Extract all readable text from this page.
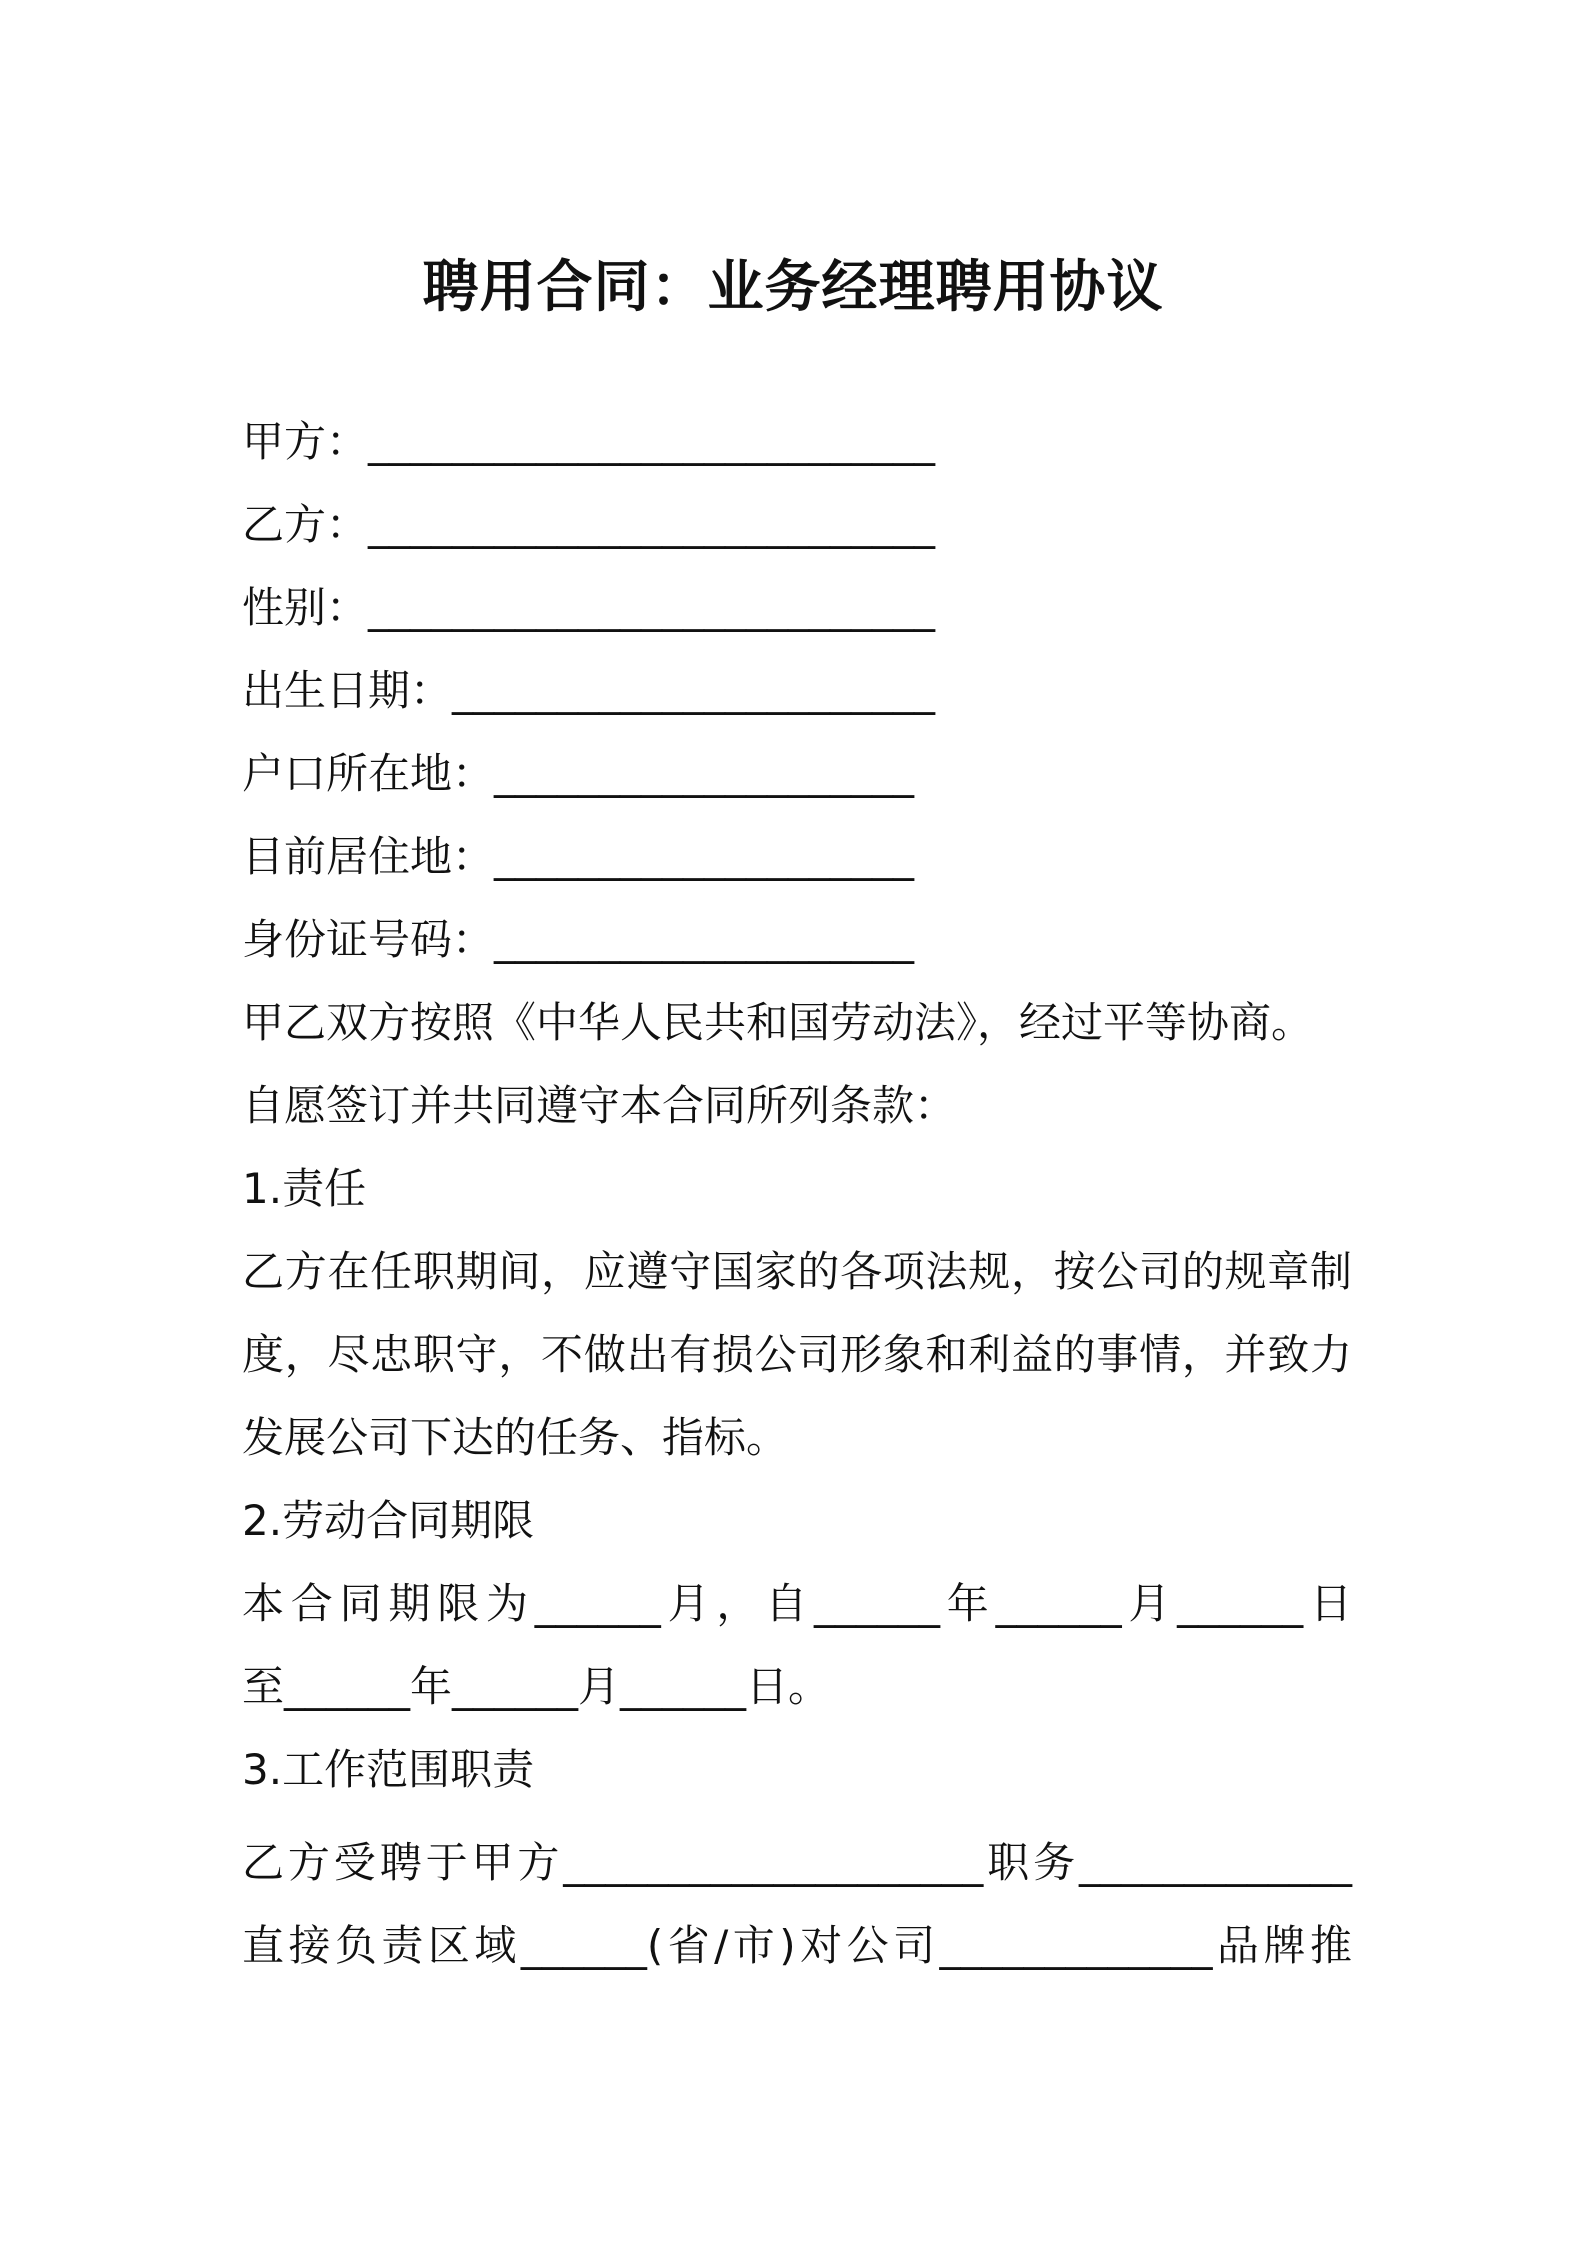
聘用合同：业务经理聘用协议
甲方：___________________________
乙方：___________________________
性别：___________________________
出生日期：_______________________
户口所在地：____________________
目前居住地：____________________
身份证号码：____________________
甲乙双方按照《中华人民共和国劳动法》，经过平等协商。
自愿签订并共同遵守本合同所列条款：
1.责任
乙方在任职期间，应遵守国家的各项法规，按公司的规章制
度，尽忠职守，不做出有损公司形象和利益的事情，并致力
发展公司下达的任务、指标。
2.劳动合同期限
本合同期限为______月，自______年______月______日
至______年______月______日。
3.工作范围职责
乙方受聘于甲方____________________职务_____________
直接负责区域______(省/市)对公司_____________品牌推
